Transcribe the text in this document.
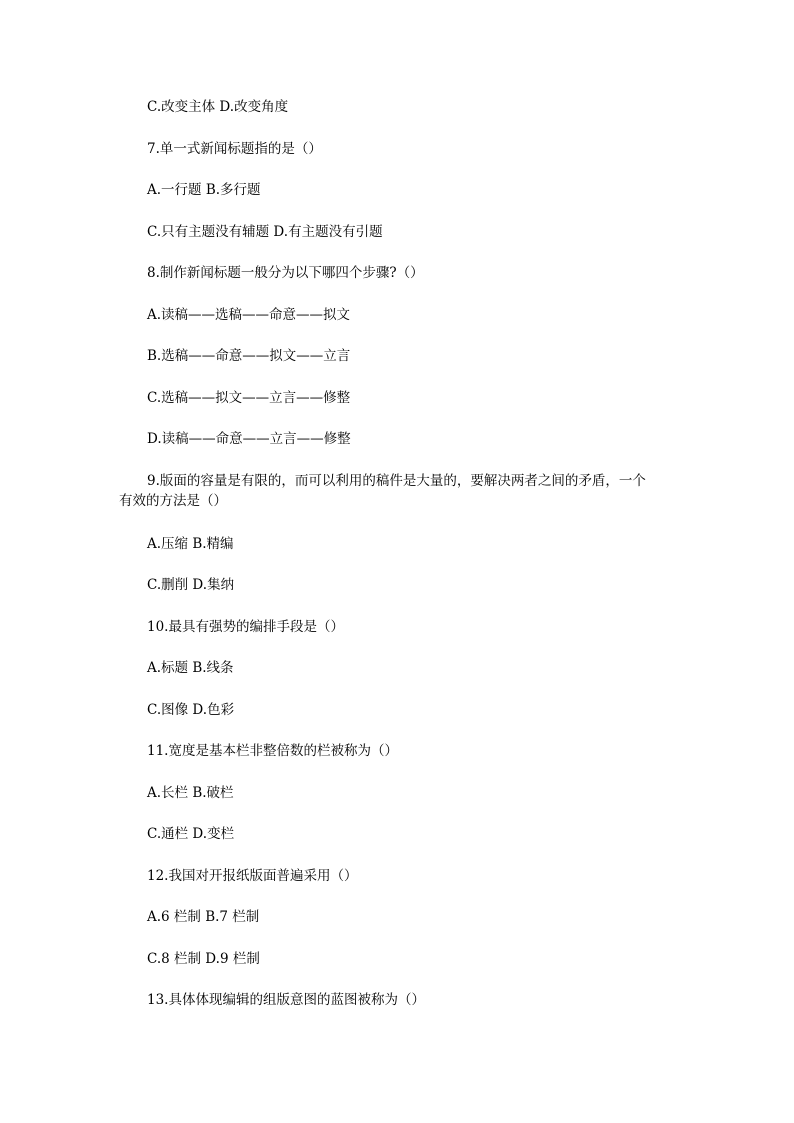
C.改变主体 D.改变角度
7.单一式新闻标题指的是（）
A.一行题 B.多行题
C.只有主题没有辅题 D.有主题没有引题
8.制作新闻标题一般分为以下哪四个步骤?（）
A.读稿——选稿——命意——拟文
B.选稿——命意——拟文——立言
C.选稿——拟文——立言——修整
D.读稿——命意——立言——修整
9.版面的容量是有限的，而可以利用的稿件是大量的，要解决两者之间的矛盾，一个
有效的方法是（）
A.压缩 B.精编
C.删削 D.集纳
10.最具有强势的编排手段是（）
A.标题 B.线条
C.图像 D.色彩
11.宽度是基本栏非整倍数的栏被称为（）
A.长栏 B.破栏
C.通栏 D.变栏
12.我国对开报纸版面普遍采用（）
A.6 栏制 B.7 栏制
C.8 栏制 D.9 栏制
13.具体体现编辑的组版意图的蓝图被称为（）
